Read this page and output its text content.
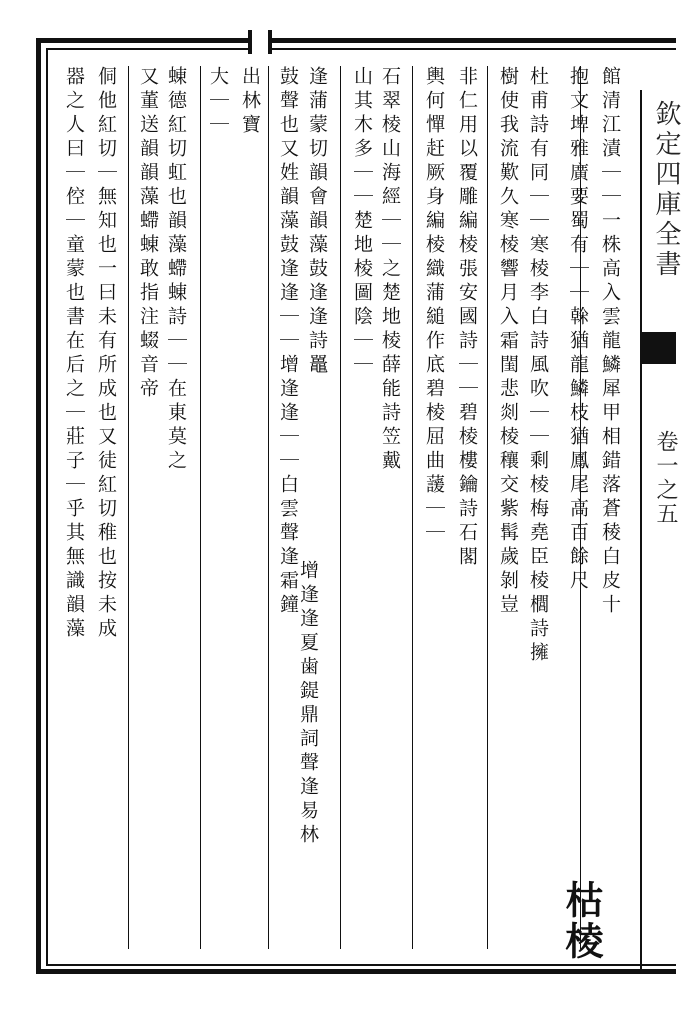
欽定四庫全書
卷一之五
館清江漬｜｜一株高入雲龍鱗犀甲相錯落蒼稜白皮十
抱文埤雅廣要蜀有｜｜榦猶龍鱗枝猶鳳尾高百餘尺
枯棱
杜甫詩有同｜｜寒棱李白詩風吹｜｜剩棱梅堯臣棱櫚詩擁
樹使我流歎久寒棱響月入霜閨悲剡棱穰交紫髯歲剝豈
非仁用以覆雕編棱張安國詩｜｜碧棱樓鑰詩石閣
輿何憚赶厥身編棱織蒲縋作底碧棱屈曲蘐｜｜
石翠棱山海經｜｜之楚地棱薛能詩笠戴
山其木多｜｜楚地棱圖陰｜｜
逢蒲蒙切韻會韻藻鼓逢逢詩鼉
增逢逢夏歯鍉鼎詞聲逢易林
鼓聲也又姓韻藻鼓逢逢｜｜增逢逢｜｜白雲聲逢霜鐘
出林寶
大｜｜
蝀德紅切虹也韻藻螮蝀詩｜｜在東莫之
又董送韻韻藻螮蝀敢指注蝃音帝
侗他紅切｜無知也一曰未有所成也又徒紅切稚也按未成
器之人曰｜倥｜童蒙也書在后之｜莊子｜乎其無識韻藻
